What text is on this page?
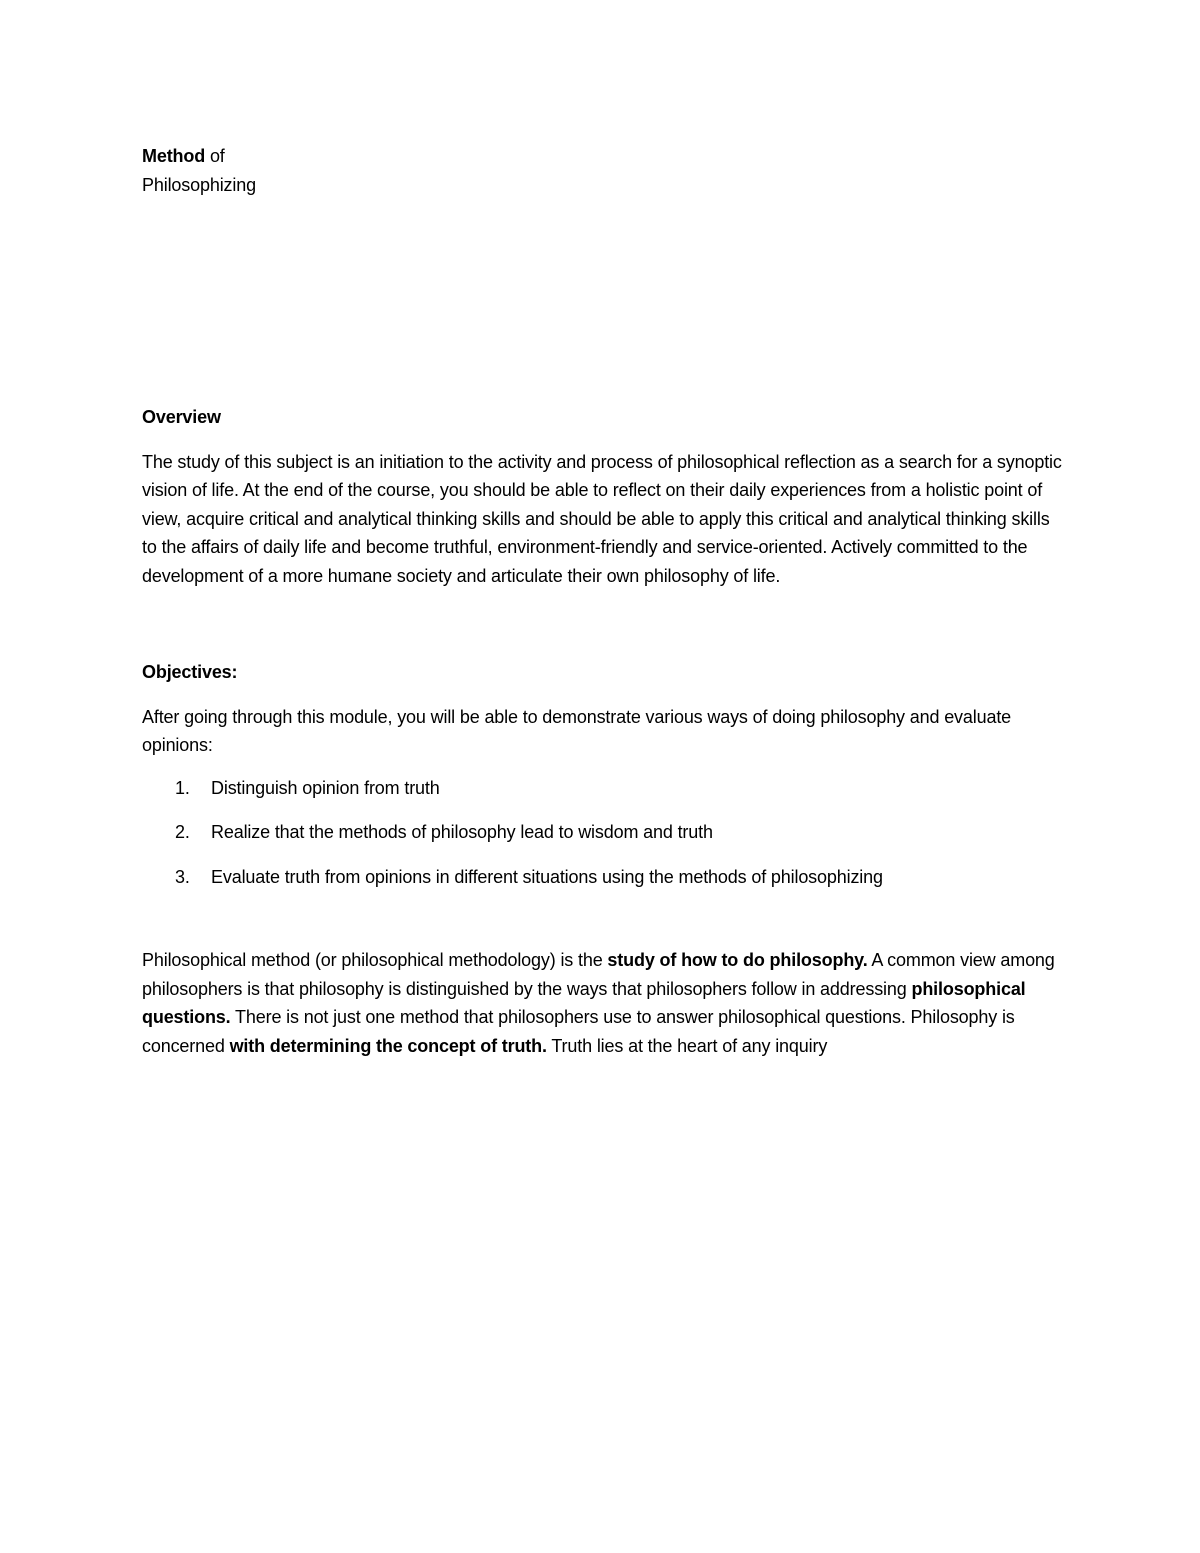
Method of
Philosophizing
Overview
The study of this subject is an initiation to the activity and process of philosophical reflection as a search for a synoptic vision of life. At the end of the course, you should be able to reflect on their daily experiences from a holistic point of view, acquire critical and analytical thinking skills and should be able to apply this critical and analytical thinking skills to the affairs of daily life and become truthful, environment-friendly and service-oriented. Actively committed to the development of a more humane society and articulate their own philosophy of life.
Objectives:
After going through this module, you will be able to demonstrate various ways of doing philosophy and evaluate opinions:
1. Distinguish opinion from truth
2. Realize that the methods of philosophy lead to wisdom and truth
3. Evaluate truth from opinions in different situations using the methods of philosophizing
Philosophical method (or philosophical methodology) is the study of how to do philosophy. A common view among philosophers is that philosophy is distinguished by the ways that philosophers follow in addressing philosophical questions. There is not just one method that philosophers use to answer philosophical questions. Philosophy is concerned with determining the concept of truth. Truth lies at the heart of any inquiry
